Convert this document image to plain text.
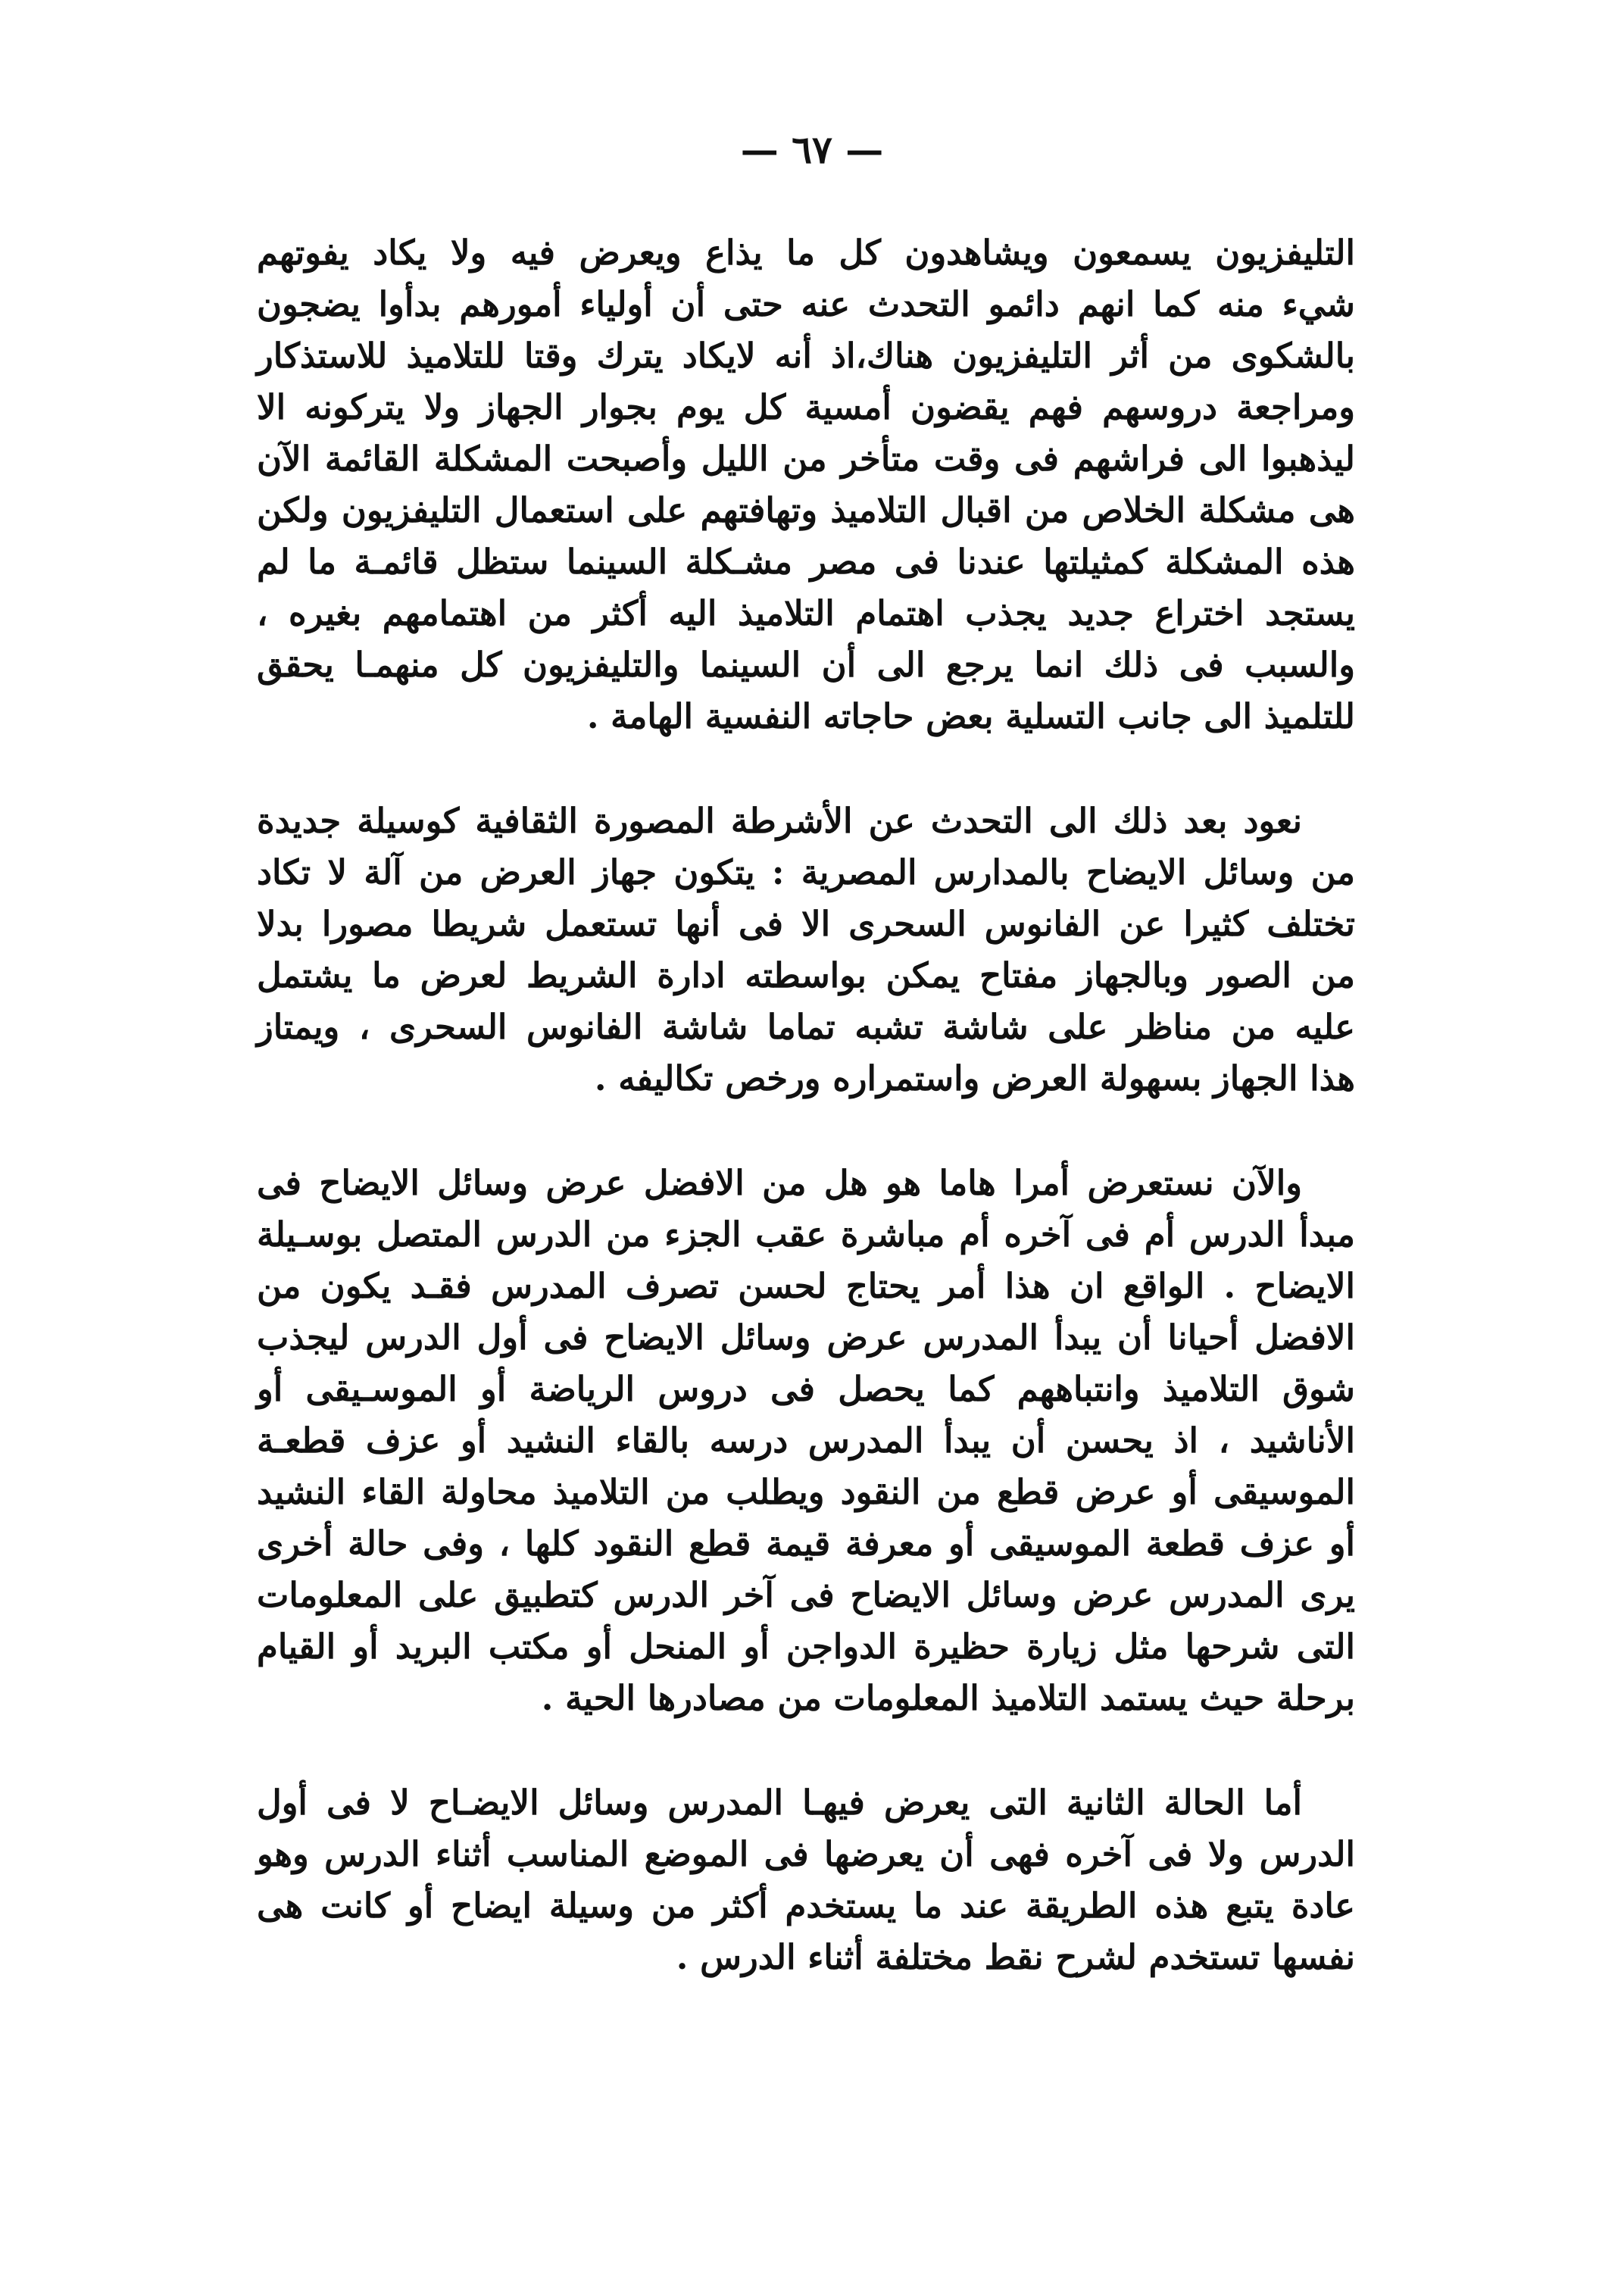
— ٦٧ —
التليفزيون يسمعون ويشاهدون كل ما يذاع ويعرض فيه ولا يكاد يفوتهم
شيء منه كما انهم دائمو التحدث عنه حتى أن أولياء أمورهم بدأوا يضجون
بالشكوى من أثر التليفزيون هناك،اذ أنه لايكاد يترك وقتا للتلاميذ للاستذكار
ومراجعة دروسهم فهم يقضون أمسية كل يوم بجوار الجهاز ولا يتركونه الا
ليذهبوا الى فراشهم فى وقت متأخر من الليل وأصبحت المشكلة القائمة الآن
هى مشكلة الخلاص من اقبال التلاميذ وتهافتهم على استعمال التليفزيون ولكن
هذه المشكلة كمثيلتها عندنا فى مصر مشـكلة السينما ستظل قائمـة ما لم
يستجد اختراع جديد يجذب اهتمام التلاميذ اليه أكثر من اهتمامهم بغيره ،
والسبب فى ذلك انما يرجع الى أن السينما والتليفزيون كل منهمـا يحقق
للتلميذ الى جانب التسلية بعض حاجاته النفسية الهامة .
نعود بعد ذلك الى التحدث عن الأشرطة المصورة الثقافية كوسيلة جديدة
من وسائل الايضاح بالمدارس المصرية : يتكون جهاز العرض من آلة لا تكاد
تختلف كثيرا عن الفانوس السحرى الا فى أنها تستعمل شريطا مصورا بدلا
من الصور وبالجهاز مفتاح يمكن بواسطته ادارة الشريط لعرض ما يشتمل
عليه من مناظر على شاشة تشبه تماما شاشة الفانوس السحرى ، ويمتاز
هذا الجهاز بسهولة العرض واستمراره ورخص تكاليفه .
والآن نستعرض أمرا هاما هو هل من الافضل عرض وسائل الايضاح فى
مبدأ الدرس أم فى آخره أم مباشرة عقب الجزء من الدرس المتصل بوسـيلة
الايضاح . الواقع ان هذا أمر يحتاج لحسن تصرف المدرس فقـد يكون من
الافضل أحيانا أن يبدأ المدرس عرض وسائل الايضاح فى أول الدرس ليجذب
شوق التلاميذ وانتباههم كما يحصل فى دروس الرياضة أو الموسـيقى أو
الأناشيد ، اذ يحسن أن يبدأ المدرس درسه بالقاء النشيد أو عزف قطعـة
الموسيقى أو عرض قطع من النقود ويطلب من التلاميذ محاولة القاء النشيد
أو عزف قطعة الموسيقى أو معرفة قيمة قطع النقود كلها ، وفى حالة أخرى
يرى المدرس عرض وسائل الايضاح فى آخر الدرس كتطبيق على المعلومات
التى شرحها مثل زيارة حظيرة الدواجن أو المنحل أو مكتب البريد أو القيام
برحلة حيث يستمد التلاميذ المعلومات من مصادرها الحية .
أما الحالة الثانية التى يعرض فيهـا المدرس وسائل الايضـاح لا فى أول
الدرس ولا فى آخره فهى أن يعرضها فى الموضع المناسب أثناء الدرس وهو
عادة يتبع هذه الطريقة عند ما يستخدم أكثر من وسيلة ايضاح أو كانت هى
نفسها تستخدم لشرح نقط مختلفة أثناء الدرس .
